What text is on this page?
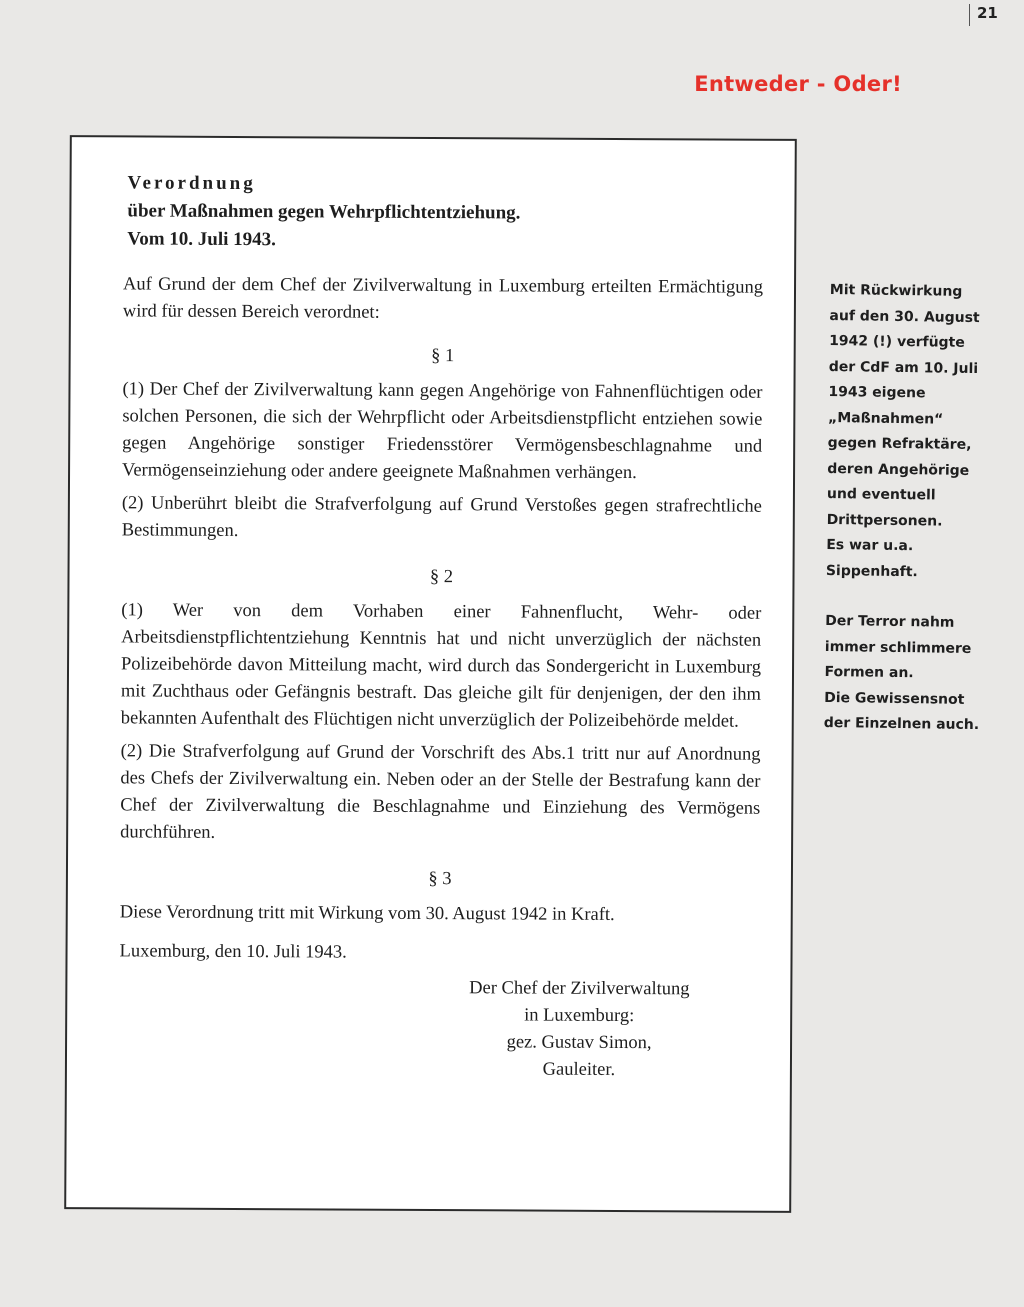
21
Entweder - Oder!
Verordnung
über Maßnahmen gegen Wehrpflichtentziehung.
Vom 10. Juli 1943.

Auf Grund der dem Chef der Zivilverwaltung in Luxemburg erteilten Ermächtigung wird für dessen Bereich verordnet:

§ 1

(1) Der Chef der Zivilverwaltung kann gegen Angehörige von Fahnenflüchtigen oder solchen Personen, die sich der Wehrpflicht oder Arbeitsdienstpflicht entziehen sowie gegen Angehörige sonstiger Friedensstörer Vermögensbeschlagnahme und Vermögenseinziehung oder andere geeignete Maßnahmen verhängen.

(2) Unberührt bleibt die Strafverfolgung auf Grund Verstoßes gegen strafrechtliche Bestimmungen.

§ 2

(1) Wer von dem Vorhaben einer Fahnenflucht, Wehr- oder Arbeitsdienstpflichtentziehung Kenntnis hat und nicht unverzüglich der nächsten Polizeibehörde davon Mitteilung macht, wird durch das Sondergericht in Luxemburg mit Zuchthaus oder Gefängnis bestraft. Das gleiche gilt für denjenigen, der den ihm bekannten Aufenthalt des Flüchtigen nicht unverzüglich der Polizeibehörde meldet.

(2) Die Strafverfolgung auf Grund der Vorschrift des Abs.1 tritt nur auf Anordnung des Chefs der Zivilverwaltung ein. Neben oder an der Stelle der Bestrafung kann der Chef der Zivilverwaltung die Beschlagnahme und Einziehung des Vermögens durchführen.

§ 3

Diese Verordnung tritt mit Wirkung vom 30. August 1942 in Kraft.

Luxemburg, den 10. Juli 1943.
Der Chef der Zivilverwaltung
in Luxemburg:
gez. Gustav Simon,
Gauleiter.

Mit Rückwirkung
auf den 30. August
1942 (!) verfügte
der CdF am 10. Juli
1943 eigene
„Maßnahmen“
gegen Refraktäre,
deren Angehörige
und eventuell
Drittpersonen.
Es war u.a.
Sippenhaft.

Der Terror nahm
immer schlimmere
Formen an.
Die Gewissensnot
der Einzelnen auch.
